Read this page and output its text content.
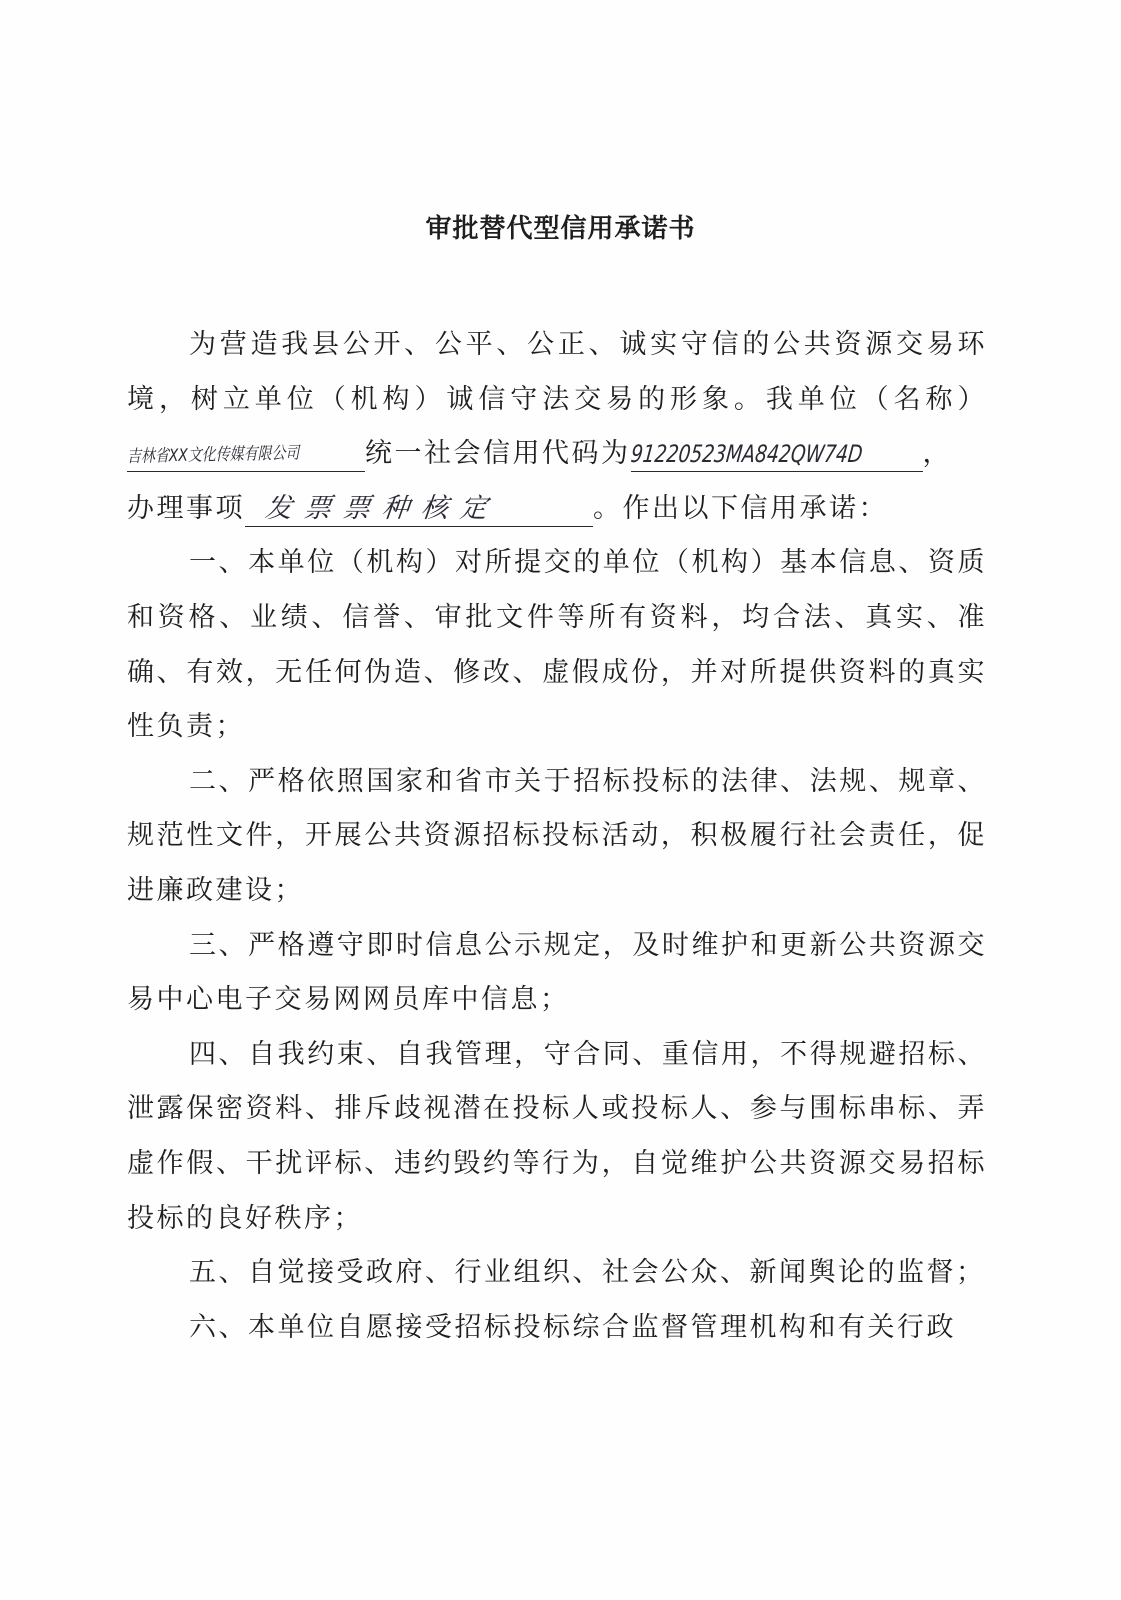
审批替代型信用承诺书

为营造我县公开、公平、公正、诚实守信的公共资源交易环境，树立单位（机构）诚信守法交易的形象。我单位（名称）吉林省XX文化传媒有限公司 统一社会信用代码为91220523MA842QW74D ，
办理事项 发票票种核定	。作出以下信用承诺：

一、本单位（机构）对所提交的单位（机构）基本信息、资质和资格、业绩、信誉、审批文件等所有资料，均合法、真实、准确、有效，无任何伪造、修改、虚假成份，并对所提供资料的真实性负责；

二、严格依照国家和省市关于招标投标的法律、法规、规章、规范性文件，开展公共资源招标投标活动，积极履行社会责任，促进廉政建设；

三、严格遵守即时信息公示规定，及时维护和更新公共资源交易中心电子交易网网员库中信息；

四、自我约束、自我管理，守合同、重信用，不得规避招标、泄露保密资料、排斥歧视潜在投标人或投标人、参与围标串标、弄虚作假、干扰评标、违约毁约等行为，自觉维护公共资源交易招标投标的良好秩序；

五、自觉接受政府、行业组织、社会公众、新闻舆论的监督；

六、本单位自愿接受招标投标综合监督管理机构和有关行政
